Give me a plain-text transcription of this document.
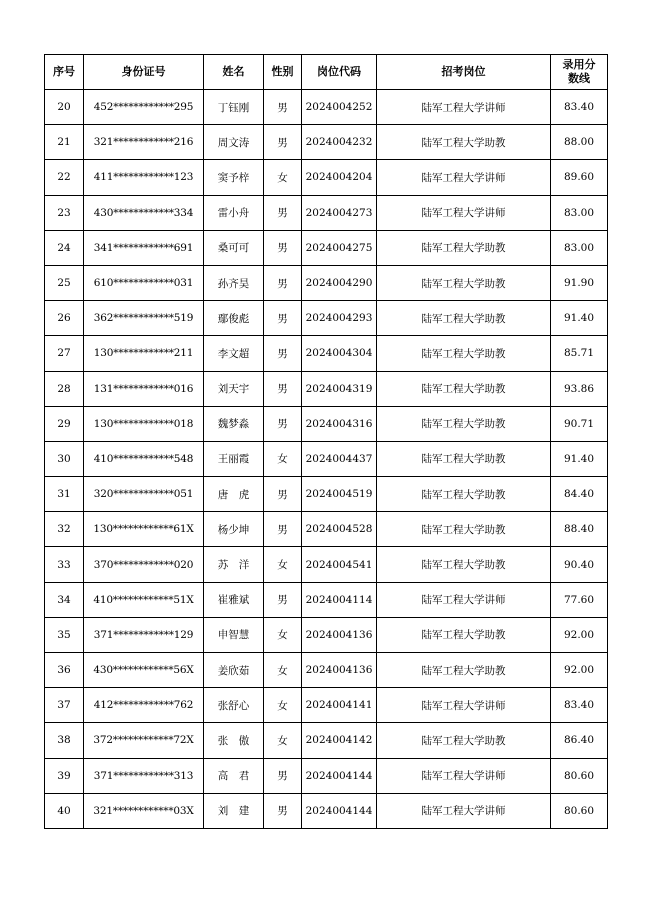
序号	身份证号	姓名	性别	岗位代码	招考岗位	录用分数线
20	452************295	丁钰刚	男	2024004252	陆军工程大学讲师	83.40
21	321************216	周文涛	男	2024004232	陆军工程大学助教	88.00
22	411************123	窦予梓	女	2024004204	陆军工程大学讲师	89.60
23	430************334	雷小舟	男	2024004273	陆军工程大学讲师	83.00
24	341************691	桑可可	男	2024004275	陆军工程大学助教	83.00
25	610************031	孙齐昊	男	2024004290	陆军工程大学助教	91.90
26	362************519	鄢俊彪	男	2024004293	陆军工程大学助教	91.40
27	130************211	李文超	男	2024004304	陆军工程大学助教	85.71
28	131************016	刘天宇	男	2024004319	陆军工程大学助教	93.86
29	130************018	魏梦淼	男	2024004316	陆军工程大学助教	90.71
30	410************548	王丽霞	女	2024004437	陆军工程大学助教	91.40
31	320************051	唐　虎	男	2024004519	陆军工程大学助教	84.40
32	130************61X	杨少坤	男	2024004528	陆军工程大学助教	88.40
33	370************020	苏　洋	女	2024004541	陆军工程大学助教	90.40
34	410************51X	崔雅斌	男	2024004114	陆军工程大学讲师	77.60
35	371************129	申智慧	女	2024004136	陆军工程大学助教	92.00
36	430************56X	姜欣茹	女	2024004136	陆军工程大学助教	92.00
37	412************762	张舒心	女	2024004141	陆军工程大学讲师	83.40
38	372************72X	张　傲	女	2024004142	陆军工程大学助教	86.40
39	371************313	高　君	男	2024004144	陆军工程大学讲师	80.60
40	321************03X	刘　建	男	2024004144	陆军工程大学讲师	80.60
